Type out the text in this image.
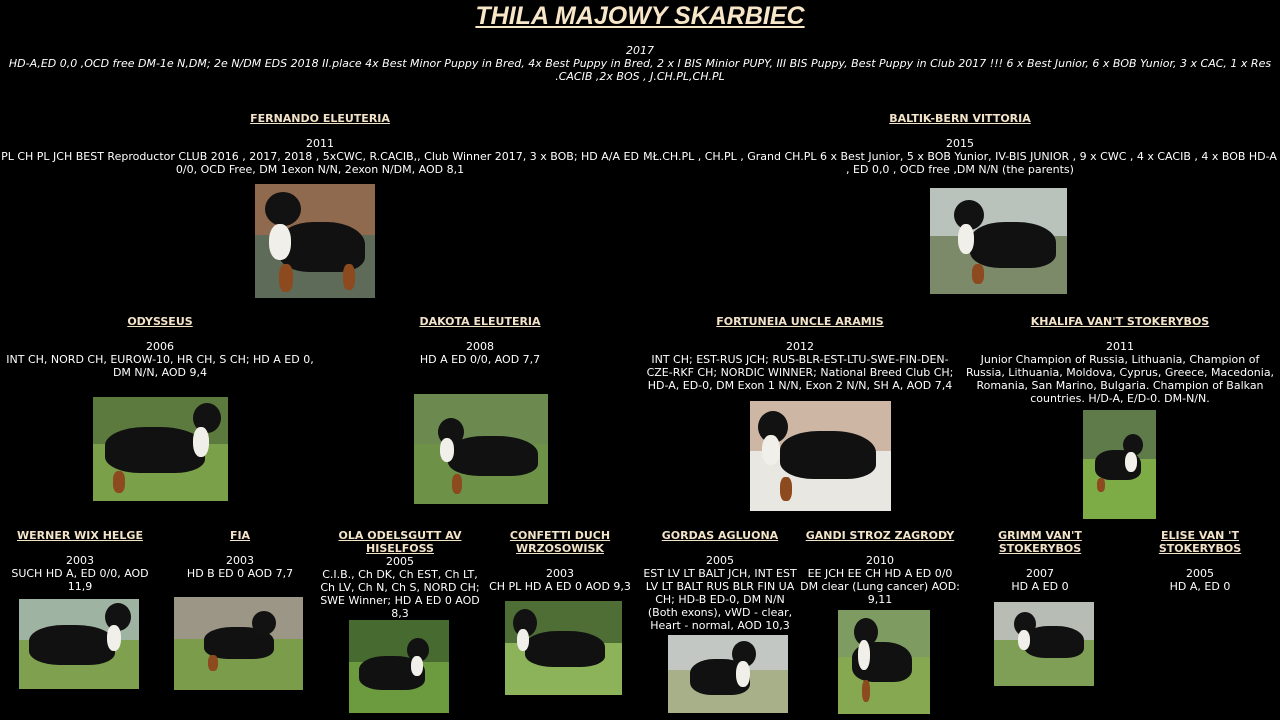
THILA MAJOWY SKARBIEC
2017
HD-A,ED 0,0 ,OCD free DM-1e N,DM; 2e N/DM EDS 2018 II.place 4x Best Minor Puppy in Bred, 4x Best Puppy in Bred, 2 x I BIS Minior PUPY, III BIS Puppy, Best Puppy in Club 2017 !!! 6 x Best Junior, 6 x BOB Yunior, 3 x CAC, 1 x Res
.CACIB ,2x BOS , J.CH.PL,CH.PL
FERNANDO ELEUTERIA
2011
PL CH PL JCH BEST Reproductor CLUB 2016 , 2017, 2018 , 5xCWC, R.CACIB,, Club Winner 2017, 3 x BOB; HD A/A ED 0/0, OCD Free, DM 1exon N/N, 2exon N/DM, AOD 8,1
BALTIK-BERN VITTORIA
2015
MŁ.CH.PL , CH.PL , Grand CH.PL 6 x Best Junior, 5 x BOB Yunior, IV-BIS JUNIOR , 9 x CWC , 4 x CACIB , 4 x BOB HD-A , ED 0,0 , OCD free ,DM N/N (the parents)
ODYSSEUS
2006
INT CH, NORD CH, EUROW-10, HR CH, S CH; HD A ED 0, DM N/N, AOD 9,4
DAKOTA ELEUTERIA
2008
HD A ED 0/0, AOD 7,7
FORTUNEIA UNCLE ARAMIS
2012
INT CH; EST-RUS JCH; RUS-BLR-EST-LTU-SWE-FIN-DEN-CZE-RKF CH; NORDIC WINNER; National Breed Club CH; HD-A, ED-0, DM Exon 1 N/N, Exon 2 N/N, SH A, AOD 7,4
KHALIFA VAN'T STOKERYBOS
2011
Junior Champion of Russia, Lithuania, Champion of Russia, Lithuania, Moldova, Cyprus, Greece, Macedonia, Romania, San Marino, Bulgaria. Champion of Balkan countries. H/D-A, E/D-0. DM-N/N.
WERNER WIX HELGE
2003
SUCH HD A, ED 0/0, AOD 11,9
FIA
2003
HD B ED 0 AOD 7,7
OLA ODELSGUTT AV HISELFOSS
2005
C.I.B., Ch DK, Ch EST, Ch LT, Ch LV, Ch N, Ch S, NORD CH; SWE Winner; HD A ED 0 AOD 8,3
CONFETTI DUCH WRZOSOWISK
2003
CH PL HD A ED 0 AOD 9,3
GORDAS AGLUONA
2005
EST LV LT BALT JCH, INT EST LV LT BALT RUS BLR FIN UA CH; HD-B ED-0, DM N/N (Both exons), vWD - clear, Heart - normal, AOD 10,3
GANDI STROZ ZAGRODY
2010
EE JCH EE CH HD A ED 0/0 DM clear (Lung cancer) AOD: 9,11
GRIMM VAN'T STOKERYBOS
2007
HD A ED 0
ELISE VAN 'T STOKERYBOS
2005
HD A, ED 0
